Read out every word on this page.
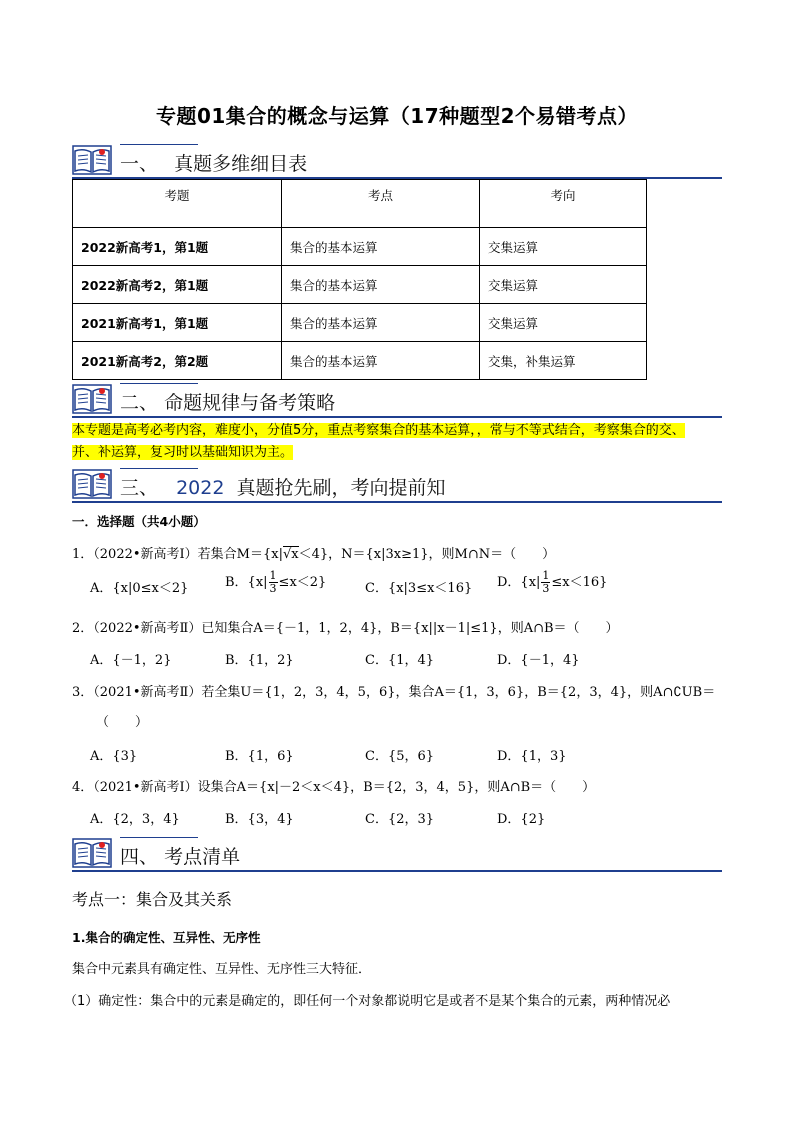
专题01集合的概念与运算（17种题型2个易错考点）
一、 真题多维细目表
考题	考点	考向
2022新高考1，第1题	集合的基本运算	交集运算
2022新高考2，第1题	集合的基本运算	交集运算
2021新高考1，第1题	集合的基本运算	交集运算
2021新高考2，第2题	集合的基本运算	交集，补集运算
二、 命题规律与备考策略
本专题是高考必考内容，难度小，分值5分，重点考察集合的基本运算，，常与不等式结合，考察集合的交、
并、补运算，复习时以基础知识为主。
三、 2022 真题抢先刷，考向提前知
一．选择题（共4小题）
1．（2022•新高考Ⅰ）若集合M＝{x|√x＜4}，N＝{x|3x≥1}，则M∩N＝（　　）
A．{x|0≤x＜2}	B．$\{x| \frac{1}{3} \le x<2\}$	C．{x|3≤x＜16} D．$\{x| \frac{1}{3} \le x<16\}$
2．（2022•新高考Ⅱ）已知集合A＝{－1，1，2，4}，B＝{x||x－1|≤1}，则A∩B＝（　　）
A．{－1，2}	B．{1，2}	C．{1，4}	D．{－1，4}
3．（2021•新高考Ⅱ）若全集U＝{1，2，3，4，5，6}，集合A＝{1，3，6}，B＝{2，3，4}，则A∩∁UB＝
（　　）
A．{3}	B．{1，6}	C．{5，6}	D．{1，3}
4．（2021•新高考Ⅰ）设集合A＝{x|－2＜x＜4}，B＝{2，3，4，5}，则A∩B＝（　　）
A．{2，3，4}	B．{3，4}	C．{2，3}	D．{2}
四、 考点清单
考点一：集合及其关系
1.集合的确定性、互异性、无序性
集合中元素具有确定性、互异性、无序性三大特征．
（1）确定性：集合中的元素是确定的，即任何一个对象都说明它是或者不是某个集合的元素，两种情况必
